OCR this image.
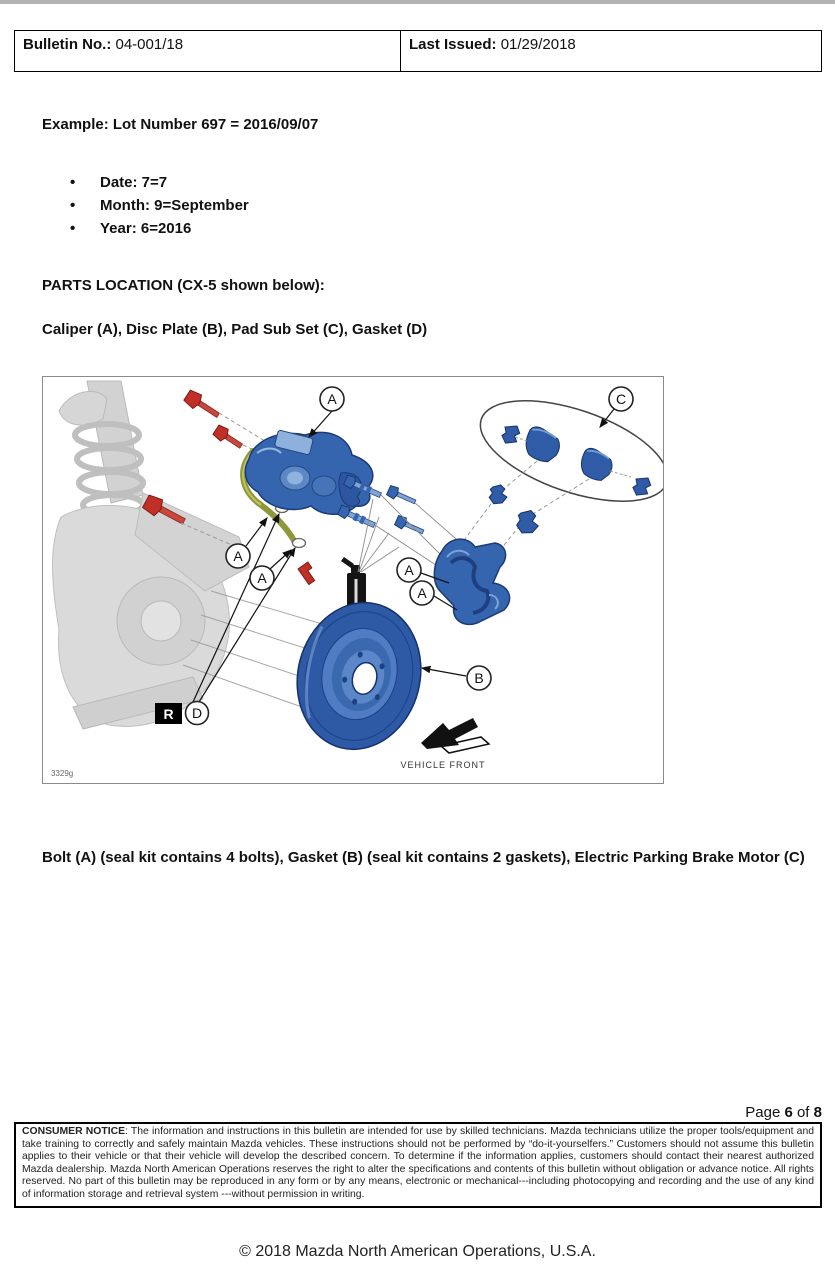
Bulletin No.: 04-001/18	Last Issued: 01/29/2018
Example: Lot Number 697 = 2016/09/07
•	Date: 7=7
•	Month: 9=September
•	Year: 6=2016
PARTS LOCATION (CX-5 shown below):
Caliper (A), Disc Plate (B), Pad Sub Set (C), Gasket (D)
A	C
A
A	A
A
B
D
R
VEHICLE FRONT
3329g
Bolt (A) (seal kit contains 4 bolts), Gasket (B) (seal kit contains 2 gaskets), Electric Parking Brake Motor (C)
Page 6 of 8
CONSUMER NOTICE: The information and instructions in this bulletin are intended for use by skilled technicians. Mazda technicians utilize the proper tools/equipment and take training to correctly and safely maintain Mazda vehicles. These instructions should not be performed by “do-it-yourselfers.” Customers should not assume this bulletin applies to their vehicle or that their vehicle will develop the described concern. To determine if the information applies, customers should contact their nearest authorized Mazda dealership. Mazda North American Operations reserves the right to alter the specifications and contents of this bulletin without obligation or advance notice. All rights reserved. No part of this bulletin may be reproduced in any form or by any means, electronic or mechanical---including photocopying and recording and the use of any kind of information storage and retrieval system ---without permission in writing.
© 2018 Mazda North American Operations, U.S.A.
